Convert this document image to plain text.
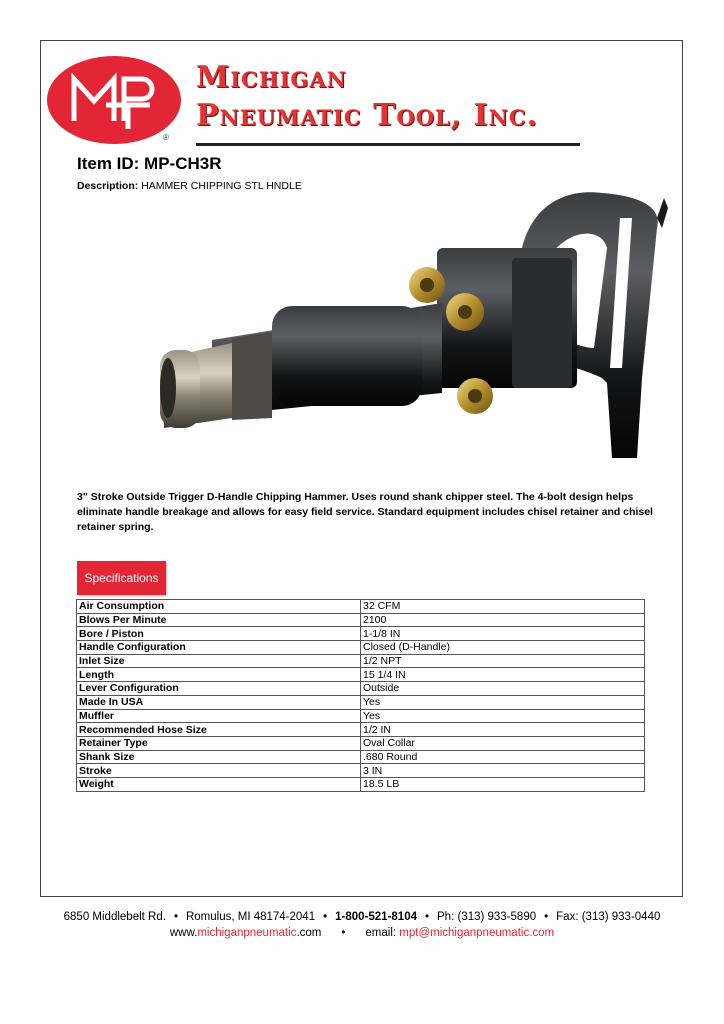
®
Michigan
Pneumatic Tool, Inc.
Item ID: MP-CH3R
Description: HAMMER CHIPPING STL HNDLE
3" Stroke Outside Trigger D-Handle Chipping Hammer. Uses round shank chipper steel. The 4-bolt design helps eliminate handle breakage and allows for easy field service. Standard equipment includes chisel retainer and chisel retainer spring.
Specifications
Air Consumption	32 CFM
Blows Per Minute	2100
Bore / Piston	1-1/8 IN
Handle Configuration	Closed (D-Handle)
Inlet Size	1/2 NPT
Length	15 1/4 IN
Lever Configuration	Outside
Made In USA	Yes
Muffler	Yes
Recommended Hose Size	1/2 IN
Retainer Type	Oval Collar
Shank Size	.680 Round
Stroke	3 IN
Weight	18.5 LB
6850 Middlebelt Rd. • Romulus, MI 48174-2041 • 1-800-521-8104 • Ph: (313) 933-5890 • Fax: (313) 933-0440
www.michiganpneumatic.com • email: mpt@michiganpneumatic.com
